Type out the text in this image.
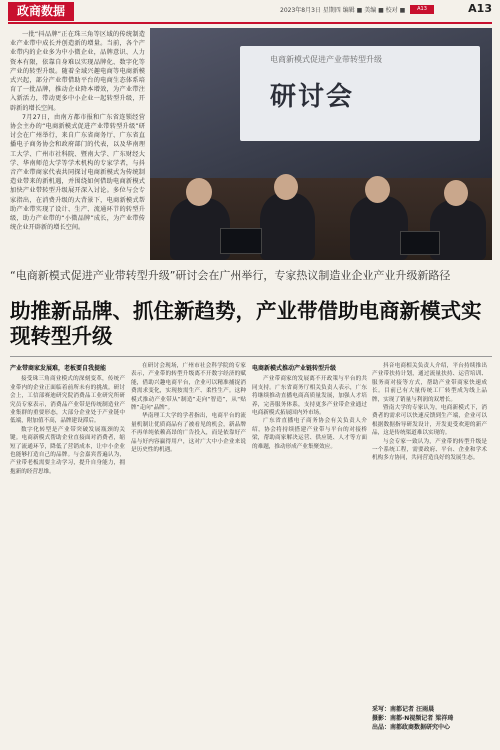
政商数据	2023年8月3日 星期四 编辑 ■ 美编 ■ 校对 ■	A13	A13

一批“抖品牌”正在珠三角等区域的传统制造业产业带中成长并创造新的增量。当前，各个产业带内的企业多为中小微企业，品牌意识、人力资本有限，依靠自身难以实现品牌化、数字化等产业的转型升级。随着全域兴趣电商等电商新模式兴起，部分产业带借助平台的电商生态体系培育了一批品牌，推动企业降本增效，为产业带注入新活力，带动更多中小企业一起转型升级，开辟新的增长空间。

7月27日，由南方都市报和广东省连锁经营协会主办的“电商新模式促进产业带转型升级”研讨会在广州举行，来自广东省商务厅、广东省直播电子商务协会和政府部门的代表，以及华南理工大学、广州市社科院、暨南大学、广东财经大学、华南师范大学等学术机构的专家学者，与抖音产业带商家代表共同探讨电商新模式为传统制造业带来的新机遇，并围绕如何借助电商新模式加快产业带转型升级展开深入讨论。多位与会专家指出，在消费升级的大背景下，电商新模式帮助产业带实现了设计、生产、流通环节的转型升级，助力产业带的“小微品牌”成长，为产业带传统企业开辟新的增长空间。

电商新模式促进产业带转型升级
研讨会
“电商新模式促进产业带转型升级”研讨会在广州举行，专家热议制造业企业产业升级新路径
助推新品牌、抓住新趋势，产业带借助电商新模式实现转型升级
产业带商家发展难，老板要自我提能

接受珠三角商业模式的深刻变革，传统产业带内的企业正面临着前所未有的挑战。研讨会上，工信部赛迪研究院消费品工业研究所研究员专家表示，消费品产业带是传统制造业产业集群的重要形态，大部分企业处于产业链中低端，附加值不高，品牌建设滞后。

数字化转型是产业带突破发展瓶颈的关键。电商新模式帮助企业直接面对消费者，缩短了流通环节，降低了营销成本，让中小企业也能够打造自己的品牌。与会嘉宾普遍认为，产业带老板需要主动学习，提升自身能力，拥抱新的经营思维。

在研讨会现场，广州市社会科学院的专家表示，产业带的转型升级离不开数字经济的赋能，借助兴趣电商平台，企业可以精准捕捉消费需求变化，实现按需生产、柔性生产。这种模式推动产业带从“制造”走向“智造”，从“贴牌”走向“品牌”。

华南理工大学的学者指出，电商平台的流量机制让优质商品有了被看见的机会，新品牌不再单纯依赖高昂的广告投入，而是依靠好产品与好内容赢得用户，这对广大中小企业来说是历史性的机遇。

电商新模式推动产业链转型升级

产业带商家的发展离不开政策与平台的共同支持。广东省商务厅相关负责人表示，广东将继续推动直播电商高质量发展，加强人才培养，完善服务体系，支持更多产业带企业通过电商新模式拓展国内外市场。

广东省直播电子商务协会有关负责人介绍，协会将持续搭建产业带与平台的对接桥梁，帮助商家解决运营、供应链、人才等方面的难题，推动形成产业集聚效应。

抖音电商相关负责人介绍，平台持续推出产业带扶持计划，通过流量扶持、运营培训、服务商对接等方式，帮助产业带商家快速成长。目前已有大量传统工厂转型成为线上品牌，实现了销量与利润的双增长。

暨南大学的专家认为，电商新模式下，消费者的需求可以快速反馈到生产端，企业可以根据数据指导研发设计，开发更受欢迎的新产品，这是传统渠道难以实现的。

与会专家一致认为，产业带的转型升级是一个系统工程，需要政府、平台、企业和学术机构多方协同，共同营造良好的发展生态。

采写：南都记者 汪雨晨
摄影：南都·N视频记者 梁祥琦
出品：南都政商数据研究中心
